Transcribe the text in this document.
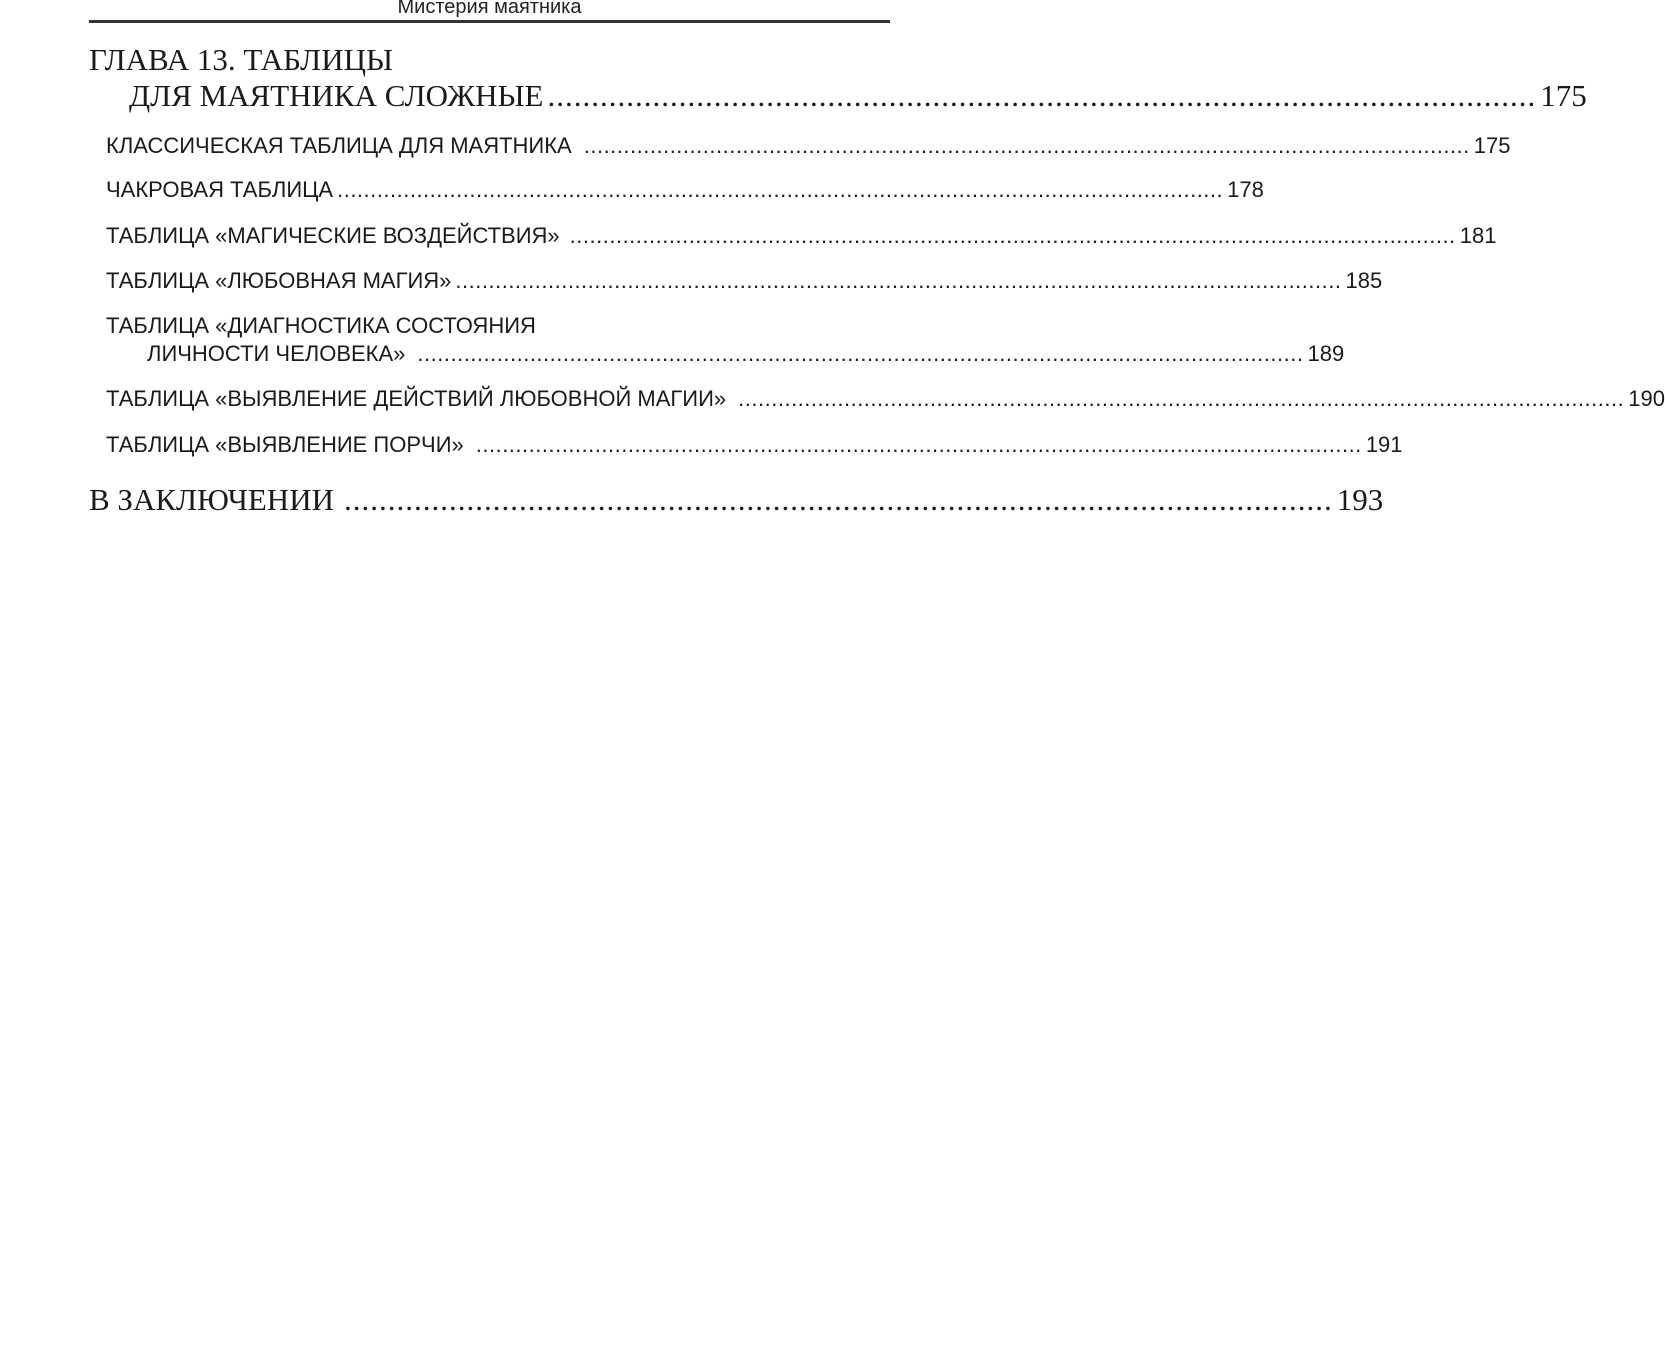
Мистерия маятника
ГЛАВА 13. ТАБЛИЦЫ
ДЛЯ МАЯТНИКА СЛОЖНЫЕ ................................................................................................................. 175
КЛАССИЧЕСКАЯ ТАБЛИЦА ДЛЯ МАЯТНИКА ...................................................................................................................................... 175
ЧАКРОВАЯ ТАБЛИЦА ...................................................................................................................................... 178
ТАБЛИЦА «МАГИЧЕСКИЕ ВОЗДЕЙСТВИЯ» ...................................................................................................................................... 181
ТАБЛИЦА «ЛЮБОВНАЯ МАГИЯ» ...................................................................................................................................... 185
ТАБЛИЦА «ДИАГНОСТИКА СОСТОЯНИЯ
ЛИЧНОСТИ ЧЕЛОВЕКА» ...................................................................................................................................... 189
ТАБЛИЦА «ВЫЯВЛЕНИЕ ДЕЙСТВИЙ ЛЮБОВНОЙ МАГИИ» ...................................................................................................................................... 190
ТАБЛИЦА «ВЫЯВЛЕНИЕ ПОРЧИ» ...................................................................................................................................... 191
В ЗАКЛЮЧЕНИИ ................................................................................................................. 193
